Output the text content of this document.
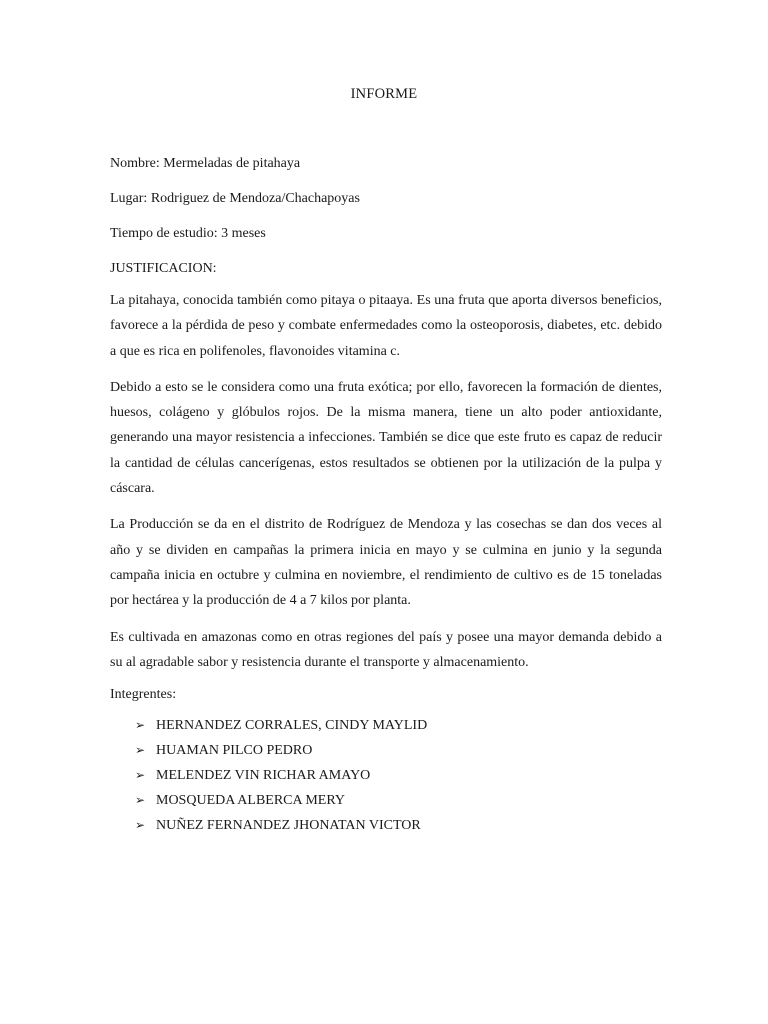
INFORME

Nombre: Mermeladas de pitahaya

Lugar: Rodriguez de Mendoza/Chachapoyas

Tiempo de estudio: 3 meses

JUSTIFICACION:

La pitahaya, conocida también como pitaya o pitaaya. Es una fruta que aporta diversos beneficios, favorece a la pérdida de peso y combate enfermedades como la osteoporosis, diabetes, etc. debido a que es rica en polifenoles, flavonoides vitamina c.

Debido a esto se le considera como una fruta exótica; por ello, favorecen la formación de dientes, huesos, colágeno y glóbulos rojos. De la misma manera, tiene un alto poder antioxidante, generando una mayor resistencia a infecciones. También se dice que este fruto es capaz de reducir la cantidad de células cancerígenas, estos resultados se obtienen por la utilización de la pulpa y cáscara.

La Producción se da en el distrito de Rodríguez de Mendoza y las cosechas se dan dos veces al año y se dividen en campañas la primera inicia en mayo y se culmina en junio y la segunda campaña inicia en octubre y culmina en noviembre, el rendimiento de cultivo es de 15 toneladas por hectárea y la producción de 4 a 7 kilos por planta.

Es cultivada en amazonas como en otras regiones del país y posee una mayor demanda debido a su al agradable sabor y resistencia durante el transporte y almacenamiento.

Integrentes:

➢ HERNANDEZ CORRALES, CINDY MAYLID
➢ HUAMAN PILCO PEDRO
➢ MELENDEZ VIN RICHAR AMAYO
➢ MOSQUEDA ALBERCA MERY
➢ NUÑEZ FERNANDEZ JHONATAN VICTOR
